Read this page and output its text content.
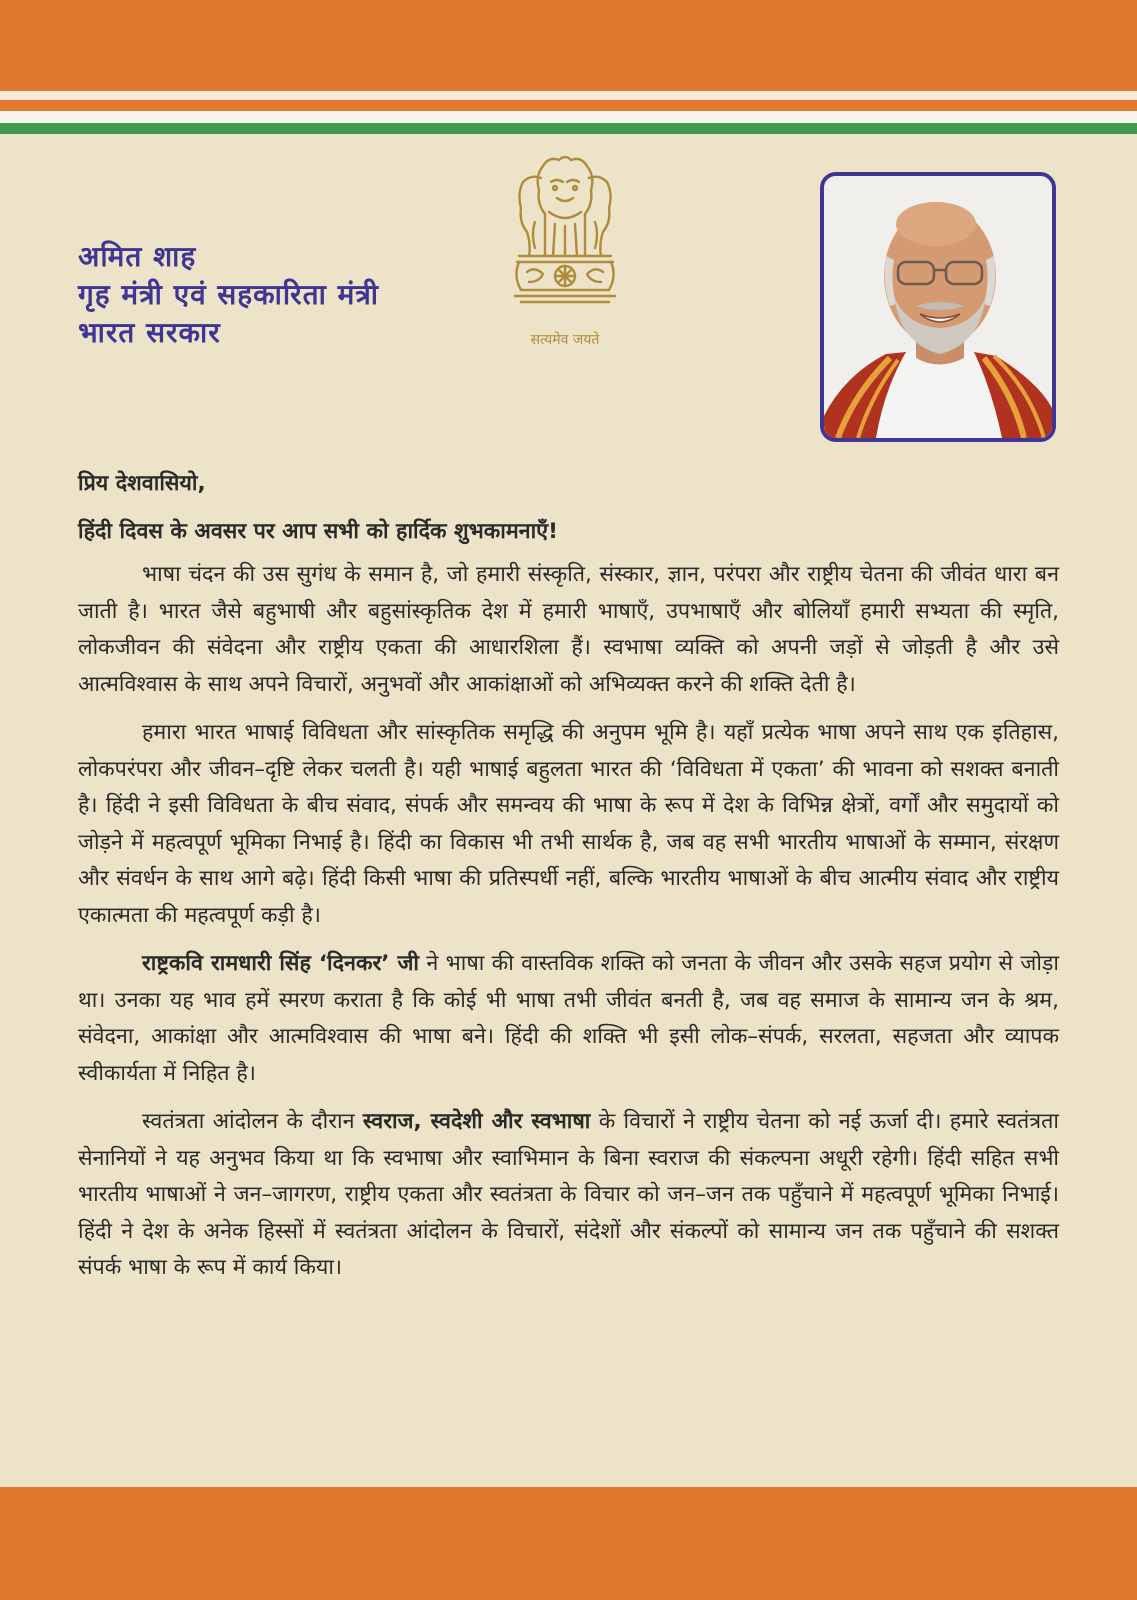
अमित शाह
गृह मंत्री एवं सहकारिता मंत्री
भारत सरकार	सत्यमेव जयते
प्रिय देशवासियो,
हिंदी दिवस के अवसर पर आप सभी को हार्दिक शुभकामनाएँ!

भाषा चंदन की उस सुगंध के समान है, जो हमारी संस्कृति, संस्कार, ज्ञान, परंपरा और राष्ट्रीय चेतना की जीवंत धारा बन जाती है। भारत जैसे बहुभाषी और बहुसांस्कृतिक देश में हमारी भाषाएँ, उपभाषाएँ और बोलियाँ हमारी सभ्यता की स्मृति, लोकजीवन की संवेदना और राष्ट्रीय एकता की आधारशिला हैं। स्वभाषा व्यक्ति को अपनी जड़ों से जोड़ती है और उसे आत्मविश्वास के साथ अपने विचारों, अनुभवों और आकांक्षाओं को अभिव्यक्त करने की शक्ति देती है।

हमारा भारत भाषाई विविधता और सांस्कृतिक समृद्धि की अनुपम भूमि है। यहाँ प्रत्येक भाषा अपने साथ एक इतिहास, लोकपरंपरा और जीवन–दृष्टि लेकर चलती है। यही भाषाई बहुलता भारत की ‘विविधता में एकता’ की भावना को सशक्त बनाती है। हिंदी ने इसी विविधता के बीच संवाद, संपर्क और समन्वय की भाषा के रूप में देश के विभिन्न क्षेत्रों, वर्गों और समुदायों को जोड़ने में महत्वपूर्ण भूमिका निभाई है। हिंदी का विकास भी तभी सार्थक है, जब वह सभी भारतीय भाषाओं के सम्मान, संरक्षण और संवर्धन के साथ आगे बढ़े। हिंदी किसी भाषा की प्रतिस्पर्धी नहीं, बल्कि भारतीय भाषाओं के बीच आत्मीय संवाद और राष्ट्रीय एकात्मता की महत्वपूर्ण कड़ी है।

राष्ट्रकवि रामधारी सिंह ‘दिनकर’ जी ने भाषा की वास्तविक शक्ति को जनता के जीवन और उसके सहज प्रयोग से जोड़ा था। उनका यह भाव हमें स्मरण कराता है कि कोई भी भाषा तभी जीवंत बनती है, जब वह समाज के सामान्य जन के श्रम, संवेदना, आकांक्षा और आत्मविश्वास की भाषा बने। हिंदी की शक्ति भी इसी लोक–संपर्क, सरलता, सहजता और व्यापक स्वीकार्यता में निहित है।

स्वतंत्रता आंदोलन के दौरान स्वराज, स्वदेशी और स्वभाषा के विचारों ने राष्ट्रीय चेतना को नई ऊर्जा दी। हमारे स्वतंत्रता सेनानियों ने यह अनुभव किया था कि स्वभाषा और स्वाभिमान के बिना स्वराज की संकल्पना अधूरी रहेगी। हिंदी सहित सभी भारतीय भाषाओं ने जन–जागरण, राष्ट्रीय एकता और स्वतंत्रता के विचार को जन–जन तक पहुँचाने में महत्वपूर्ण भूमिका निभाई। हिंदी ने देश के अनेक हिस्सों में स्वतंत्रता आंदोलन के विचारों, संदेशों और संकल्पों को सामान्य जन तक पहुँचाने की सशक्त संपर्क भाषा के रूप में कार्य किया।
